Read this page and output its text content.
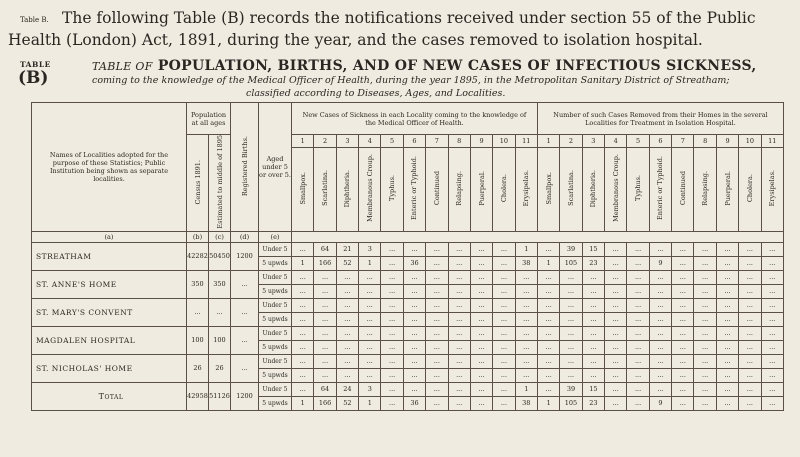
Table B. The following Table (B) records the notifications received under section 55 of the Public
Health (London) Act, 1891, during the year, and the cases removed to isolation hospital.
TABLE
(B)
TABLE OF POPULATION, BIRTHS, AND OF NEW CASES OF INFECTIOUS SICKNESS,
coming to the knowledge of the Medical Officer of Health, during the year 1895, in the Metropolitan Sanitary District of Streatham;
classified according to Diseases, Ages, and Localities.
Names of Localities adopted for the purpose of these Statistics; Public Institution being shown as separate localities.	Population at all ages		Registered Births.	Aged under 5 or over 5.	New Cases of Sickness in each Locality coming to the knowledge of the Medical Officer of Health.											Number of such Cases Removed from their Homes in the several Localities for Treatment in Isolation Hospital.										
	Census 1891.	Estimated to middle of 1895			1	2	3	4	5	6	7	8	9	10	11	1	2	3	4	5	6	7	8	9	10	11
					Smallpox.	Scarlatina.	Diphtheria.	Membranous Croup.	Typhus.	Enteric or Typhoid.	Continued	Relapsing.	Puerperal.	Cholera.	Erysipelas.	Smallpox.	Scarlatina.	Diphtheria.	Membranous Croup.	Typhus.	Enteric or Typhoid.	Continued	Relapsing.	Puerperal.	Cholera.	Erysipelas.
(a)	(b)	(c)	(d)	(e)																						
STREATHAM	42282	50450	1200	Under 5	...	64	21	3	...	...	...	...	...	...	1	...	39	15	...	...	...	...	...	...	...	...
				5 upwds	1	166	52	1	...	36	...	...	...	...	38	1	105	23	...	...	9	...	...	...	...	...
ST. ANNE'S HOME	350	350	...	Under 5	...	...	...	...	...	...	...	...	...	...	...	...	...	...	...	...	...	...	...	...	...	...
				5 upwds	...	...	...	...	...	...	...	...	...	...	...	...	...	...	...	...	...	...	...	...	...	...
ST. MARY'S CONVENT	...	...	...	Under 5	...	...	...	...	...	...	...	...	...	...	...	...	...	...	...	...	...	...	...	...	...	...
				5 upwds	...	...	...	...	...	...	...	...	...	...	...	...	...	...	...	...	...	...	...	...	...	...
MAGDALEN HOSPITAL	100	100	...	Under 5	...	...	...	...	...	...	...	...	...	...	...	...	...	...	...	...	...	...	...	...	...	...
				5 upwds	...	...	...	...	...	...	...	...	...	...	...	...	...	...	...	...	...	...	...	...	...	...
ST. NICHOLAS' HOME	26	26	...	Under 5	...	...	...	...	...	...	...	...	...	...	...	...	...	...	...	...	...	...	...	...	...	...
				5 upwds	...	...	...	...	...	...	...	...	...	...	...	...	...	...	...	...	...	...	...	...	...	...
Total	42958	51126	1200	Under 5	...	64	24	3	...	...	...	...	...	...	1	...	39	15	...	...	...	...	...	...	...	...
				5 upwds	1	166	52	1	...	36	...	...	...	...	38	1	105	23	...	...	9	...	...	...	...	...
